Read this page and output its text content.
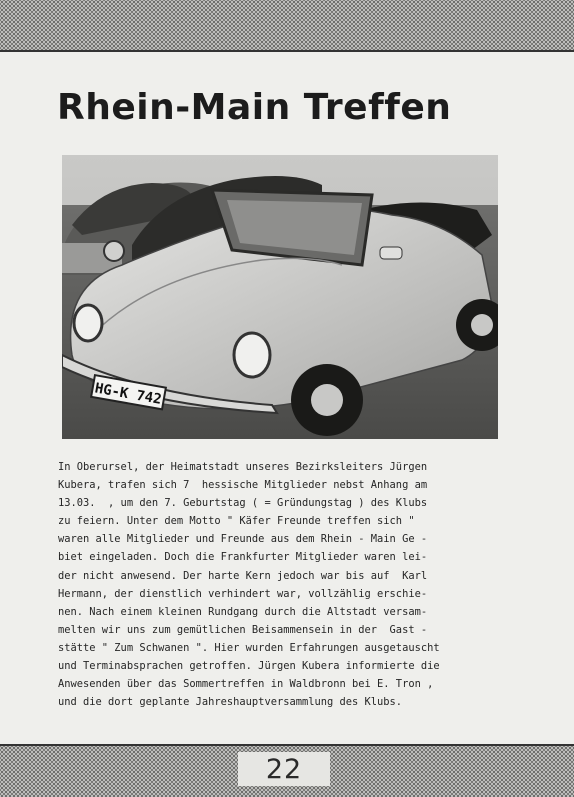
Rhein-Main Treffen
HG-K 742
In Oberursel, der Heimatstadt unseres Bezirksleiters Jürgen
Kubera, trafen sich 7  hessische Mitglieder nebst Anhang am
13.03.  , um den 7. Geburtstag ( = Gründungstag ) des Klubs
zu feiern. Unter dem Motto " Käfer Freunde treffen sich "
waren alle Mitglieder und Freunde aus dem Rhein - Main Ge -
biet eingeladen. Doch die Frankfurter Mitglieder waren lei-
der nicht anwesend. Der harte Kern jedoch war bis auf  Karl
Hermann, der dienstlich verhindert war, vollzählig erschie-
nen. Nach einem kleinen Rundgang durch die Altstadt versam-
melten wir uns zum gemütlichen Beisammensein in der  Gast -
stätte " Zum Schwanen ". Hier wurden Erfahrungen ausgetauscht
und Terminabsprachen getroffen. Jürgen Kubera informierte die
Anwesenden über das Sommertreffen in Waldbronn bei E. Tron ,
und die dort geplante Jahreshauptversammlung des Klubs.
22
